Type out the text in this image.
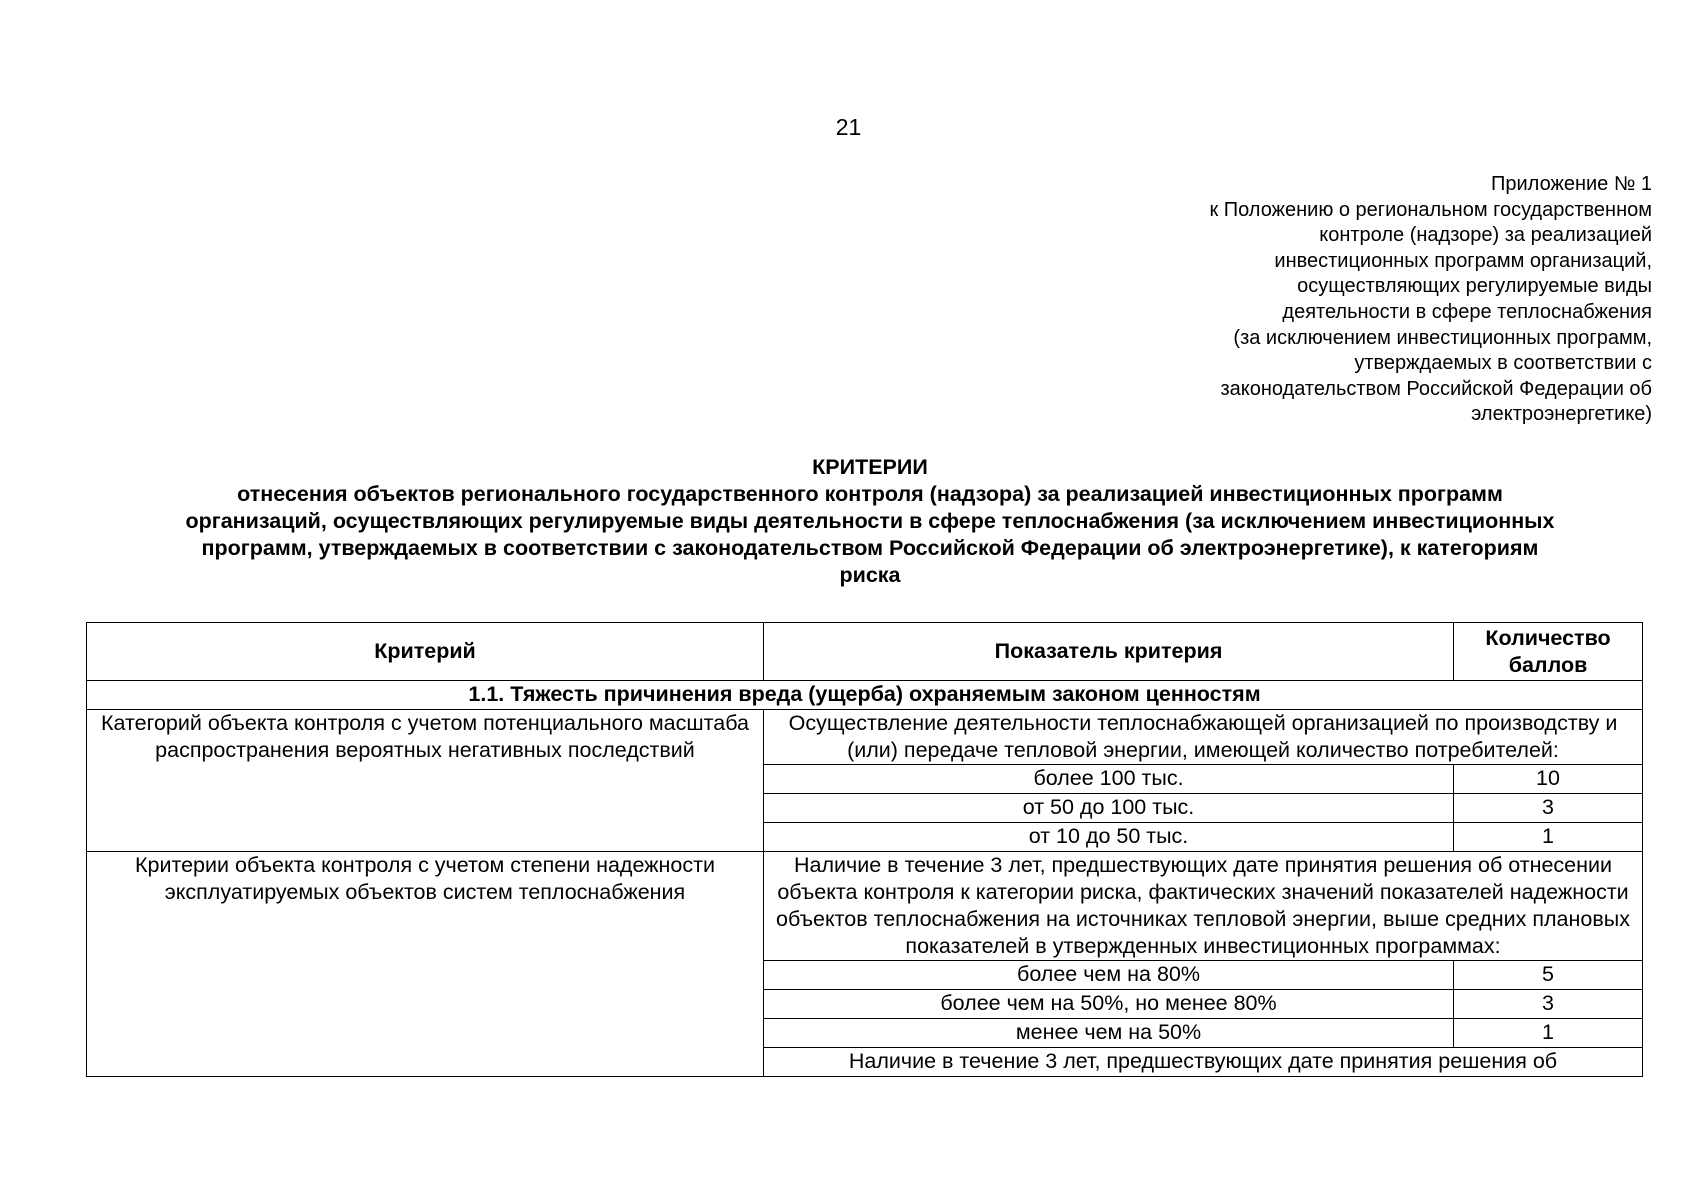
21
Приложение № 1
к Положению о региональном государственном
контроле (надзоре) за реализацией
инвестиционных программ организаций,
осуществляющих регулируемые виды
деятельности в сфере теплоснабжения
(за исключением инвестиционных программ,
утверждаемых в соответствии с
законодательством Российской Федерации об
электроэнергетике)
КРИТЕРИИ
отнесения объектов регионального государственного контроля (надзора) за реализацией инвестиционных программ
организаций, осуществляющих регулируемые виды деятельности в сфере теплоснабжения (за исключением инвестиционных
программ, утверждаемых в соответствии с законодательством Российской Федерации об электроэнергетике), к категориям
риска
Критерий	Показатель критерия	Количество баллов
1.1. Тяжесть причинения вреда (ущерба) охраняемым законом ценностям		
Категорий объекта контроля с учетом потенциального масштаба распространения вероятных негативных последствий	Осуществление деятельности теплоснабжающей организацией по производству и (или) передаче тепловой энергии, имеющей количество потребителей:	
	более 100 тыс.	10
	от 50 до 100 тыс.	3
	от 10 до 50 тыс.	1
Критерии объекта контроля с учетом степени надежности эксплуатируемых объектов систем теплоснабжения	Наличие в течение 3 лет, предшествующих дате принятия решения об отнесении объекта контроля к категории риска, фактических значений показателей надежности объектов теплоснабжения на источниках тепловой энергии, выше средних плановых показателей в утвержденных инвестиционных программах:	
	более чем на 80%	5
	более чем на 50%, но менее 80%	3
	менее чем на 50%	1
	Наличие в течение 3 лет, предшествующих дате принятия решения об	
